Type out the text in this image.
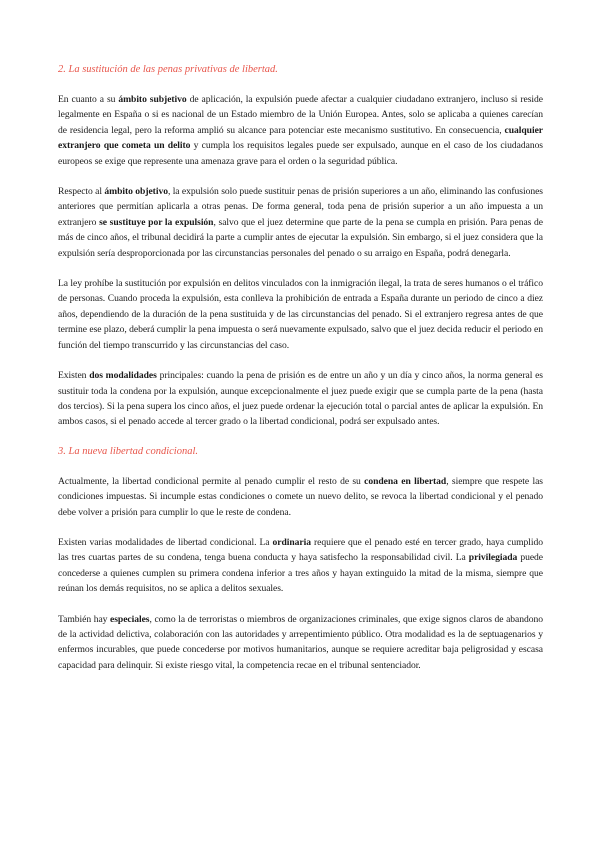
2. La sustitución de las penas privativas de libertad.

En cuanto a su ámbito subjetivo de aplicación, la expulsión puede afectar a cualquier ciudadano extranjero, incluso si reside legalmente en España o si es nacional de un Estado miembro de la Unión Europea. Antes, solo se aplicaba a quienes carecían de residencia legal, pero la reforma amplió su alcance para potenciar este mecanismo sustitutivo. En consecuencia, cualquier extranjero que cometa un delito y cumpla los requisitos legales puede ser expulsado, aunque en el caso de los ciudadanos europeos se exige que represente una amenaza grave para el orden o la seguridad pública.

Respecto al ámbito objetivo, la expulsión solo puede sustituir penas de prisión superiores a un año, eliminando las confusiones anteriores que permitían aplicarla a otras penas. De forma general, toda pena de prisión superior a un año impuesta a un extranjero se sustituye por la expulsión, salvo que el juez determine que parte de la pena se cumpla en prisión. Para penas de más de cinco años, el tribunal decidirá la parte a cumplir antes de ejecutar la expulsión. Sin embargo, si el juez considera que la expulsión sería desproporcionada por las circunstancias personales del penado o su arraigo en España, podrá denegarla.

La ley prohíbe la sustitución por expulsión en delitos vinculados con la inmigración ilegal, la trata de seres humanos o el tráfico de personas. Cuando proceda la expulsión, esta conlleva la prohibición de entrada a España durante un periodo de cinco a diez años, dependiendo de la duración de la pena sustituida y de las circunstancias del penado. Si el extranjero regresa antes de que termine ese plazo, deberá cumplir la pena impuesta o será nuevamente expulsado, salvo que el juez decida reducir el periodo en función del tiempo transcurrido y las circunstancias del caso.

Existen dos modalidades principales: cuando la pena de prisión es de entre un año y un día y cinco años, la norma general es sustituir toda la condena por la expulsión, aunque excepcionalmente el juez puede exigir que se cumpla parte de la pena (hasta dos tercios). Si la pena supera los cinco años, el juez puede ordenar la ejecución total o parcial antes de aplicar la expulsión. En ambos casos, si el penado accede al tercer grado o la libertad condicional, podrá ser expulsado antes.

3. La nueva libertad condicional.

Actualmente, la libertad condicional permite al penado cumplir el resto de su condena en libertad, siempre que respete las condiciones impuestas. Si incumple estas condiciones o comete un nuevo delito, se revoca la libertad condicional y el penado debe volver a prisión para cumplir lo que le reste de condena.

Existen varias modalidades de libertad condicional. La ordinaria requiere que el penado esté en tercer grado, haya cumplido las tres cuartas partes de su condena, tenga buena conducta y haya satisfecho la responsabilidad civil. La privilegiada puede concederse a quienes cumplen su primera condena inferior a tres años y hayan extinguido la mitad de la misma, siempre que reúnan los demás requisitos, no se aplica a delitos sexuales.

También hay especiales, como la de terroristas o miembros de organizaciones criminales, que exige signos claros de abandono de la actividad delictiva, colaboración con las autoridades y arrepentimiento público. Otra modalidad es la de septuagenarios y enfermos incurables, que puede concederse por motivos humanitarios, aunque se requiere acreditar baja peligrosidad y escasa capacidad para delinquir. Si existe riesgo vital, la competencia recae en el tribunal sentenciador.
